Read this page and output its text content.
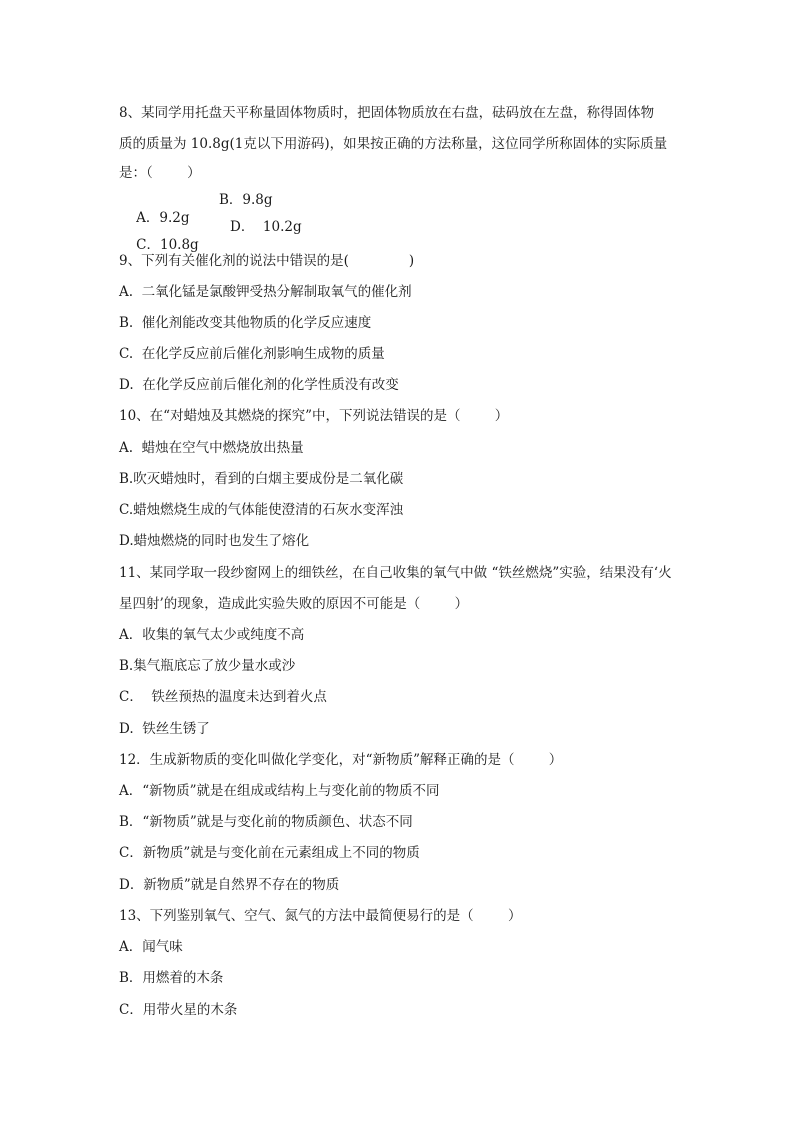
8、某同学用托盘天平称量固体物质时，把固体物质放在右盘，砝码放在左盘，称得固体物
质的质量为 10.8g(1克以下用游码)，如果按正确的方法称量，这位同学所称固体的实际质量
是：（        ）

A．9.2g

B．9.8g

C．10.8g

D．  10.2g

9、下列有关催化剂的说法中错误的是(              )
A.  二氧化锰是氯酸钾受热分解制取氧气的催化剂
B.  催化剂能改变其他物质的化学反应速度
C.  在化学反应前后催化剂影响生成物的质量
D.  在化学反应前后催化剂的化学性质没有改变
10、在“对蜡烛及其燃烧的探究”中，下列说法错误的是（        ）
A.  蜡烛在空气中燃烧放出热量
B.吹灭蜡烛时，看到的白烟主要成份是二氧化碳
C.蜡烛燃烧生成的气体能使澄清的石灰水变浑浊
D.蜡烛燃烧的同时也发生了熔化
11、某同学取一段纱窗网上的细铁丝，在自己收集的氧气中做 “铁丝燃烧”实验，结果没有‘火
星四射’的现象，造成此实验失败的原因不可能是（        ）
A．收集的氧气太少或纯度不高
B.集气瓶底忘了放少量水或沙
C．  铁丝预热的温度未达到着火点
D.  铁丝生锈了
12．生成新物质的变化叫做化学变化，对“新物质”解释正确的是（        ）
A．“新物质”就是在组成或结构上与变化前的物质不同
B．“新物质”就是与变化前的物质颜色、状态不同
C．新物质”就是与变化前在元素组成上不同的物质
D．新物质”就是自然界不存在的物质
13、下列鉴别氧气、空气、氮气的方法中最简便易行的是（        ）
A．闻气味
B．用燃着的木条
C．用带火星的木条
